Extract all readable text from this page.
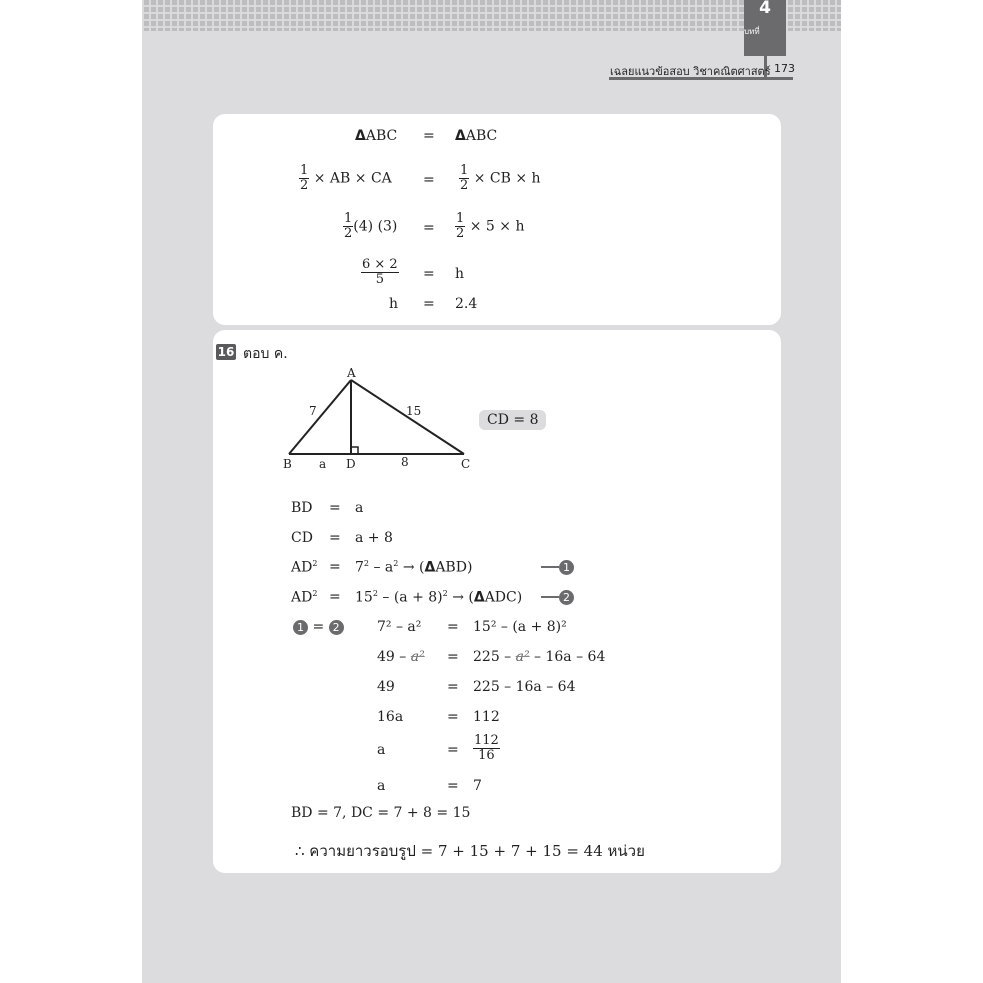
บทที่
4
เฉลยแนวข้อสอบ วิชาคณิตศาสตร์ 173
ΔABC = ΔABC
$\frac{1}{2}$ × AB × CA = $\frac{1}{2}$ × CB × h
$\frac{1}{2} (4) (3) = \frac{1}{2} \times 5 \times h$
$\frac{6 \times 2}{5} = h$
h = 2.4
16 ตอบ ค.
A
B	D	C
7	15
a	8
CD = 8
BD = a
CD = a + 8
$AD^2 = 7^2 - a^2 \to (\Delta ABD)$	1
$AD^2 = 15^2 - (a + 8)^2 \to (\Delta ADC)$	2
1 = 2	7² – a² = 15² – (a + 8)²
49 – a² = 225 – a² – 16a – 64
49	= 225 – 16a – 64
16a	= 112
a	= $\frac{112}{16}$
a	= 7
BD = 7, DC = 7 + 8 = 15
∴ ความยาวรอบรูป = 7 + 15 + 7 + 15 = 44 หน่วย
